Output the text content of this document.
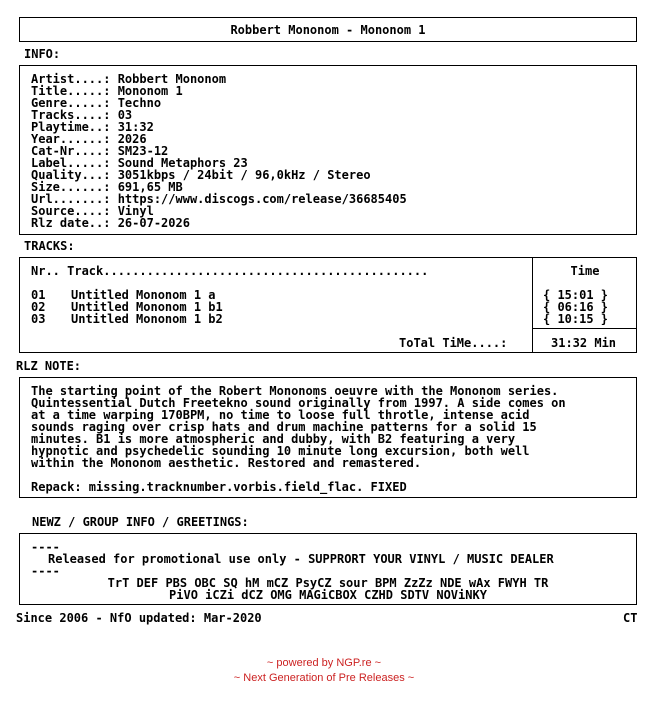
Robbert Mononom - Mononom 1
INFO:
Artist....: Robbert Mononom
Title.....: Mononom 1
Genre.....: Techno
Tracks....: 03
Playtime..: 31:32
Year......: 2026
Cat-Nr....: SM23-12
Label.....: Sound Metaphors 23
Quality...: 3051kbps / 24bit / 96,0kHz / Stereo
Size......: 691,65 MB
Url.......: https://www.discogs.com/release/36685405
Source....: Vinyl
Rlz date..: 26-07-2026
TRACKS:
Nr.. Track.............................................	Time
01 Untitled Mononom 1 a	{ 15:01 }
02 Untitled Mononom 1 b1	{ 06:16 }
03 Untitled Mononom 1 b2	{ 10:15 }
ToTal TiMe....:	31:32 Min
RLZ NOTE:
The starting point of the Robert Mononoms oeuvre with the Mononom series.
Quintessential Dutch Freetekno sound originally from 1997. A side comes on
at a time warping 170BPM, no time to loose full throtle, intense acid
sounds raging over crisp hats and drum machine patterns for a solid 15
minutes. B1 is more atmospheric and dubby, with B2 featuring a very
hypnotic and psychedelic sounding 10 minute long excursion, both well
within the Mononom aesthetic. Restored and remastered.
Repack: missing.tracknumber.vorbis.field_flac. FIXED
NEWZ / GROUP INFO / GREETINGS:
----
Released for promotional use only - SUPPRORT YOUR VINYL / MUSIC DEALER
----
TrT DEF PBS OBC SQ hM mCZ PsyCZ sour BPM ZzZz NDE wAx FWYH TR
PiVO iCZi dCZ OMG MAGiCBOX CZHD SDTV NOViNKY
Since 2006 - NfO updated: Mar-2020	CT
~ powered by NGP.re ~
~ Next Generation of Pre Releases ~
